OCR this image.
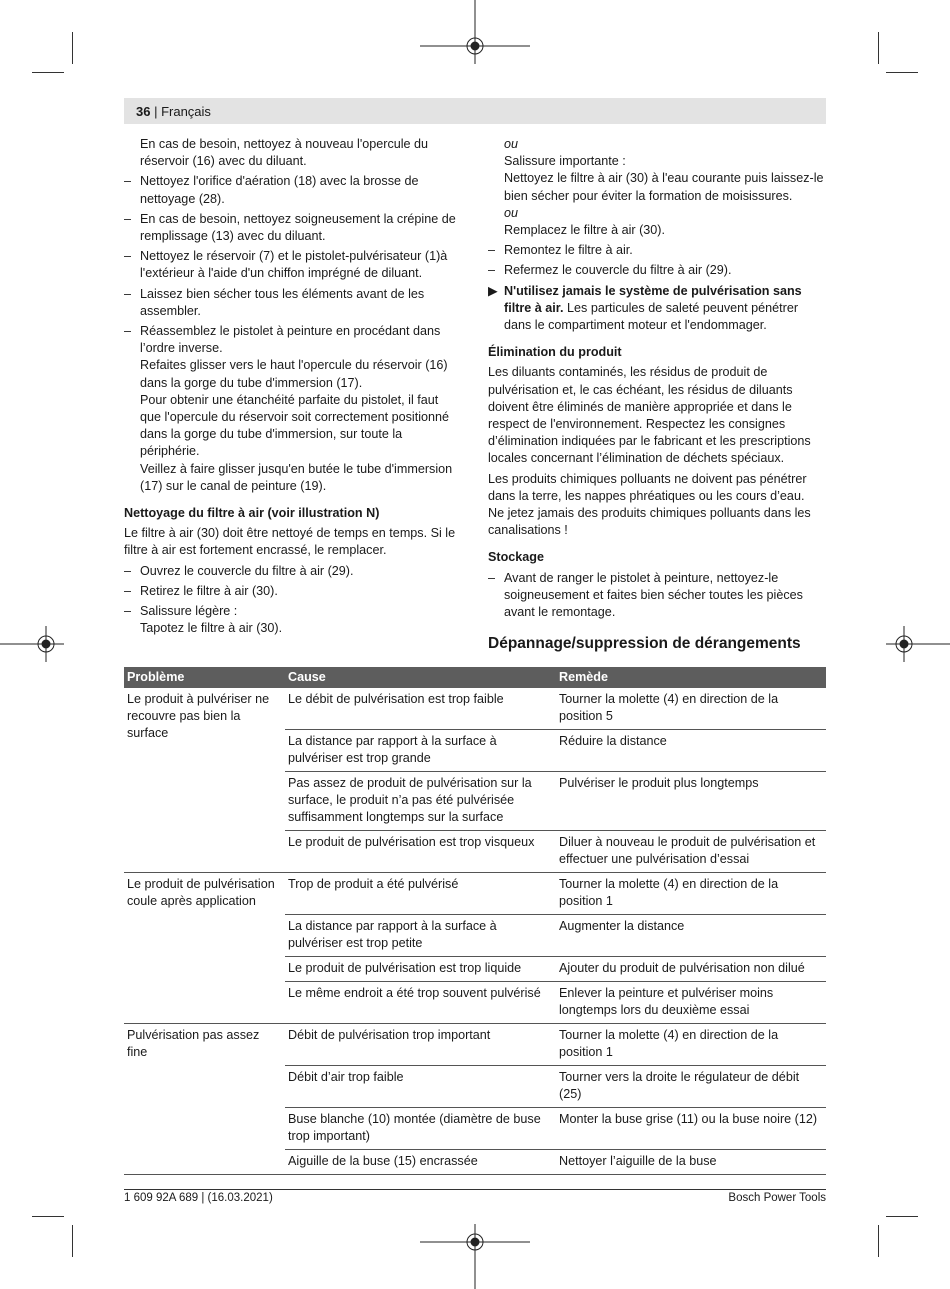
36 | Français

En cas de besoin, nettoyez à nouveau l'opercule du réservoir (16) avec du diluant.

– Nettoyez l'orifice d'aération (18) avec la brosse de nettoyage (28).
– En cas de besoin, nettoyez soigneusement la crépine de remplissage (13) avec du diluant.
– Nettoyez le réservoir (7) et le pistolet-pulvérisateur (1)à l'extérieur à l'aide d'un chiffon imprégné de diluant.
– Laissez bien sécher tous les éléments avant de les assembler.
– Réassemblez le pistolet à peinture en procédant dans l’ordre inverse.

Refaites glisser vers le haut l'opercule du réservoir (16) dans la gorge du tube d'immersion (17).

Pour obtenir une étanchéité parfaite du pistolet, il faut que l'opercule du réservoir soit correctement positionné dans la gorge du tube d'immersion, sur toute la périphérie.

Veillez à faire glisser jusqu'en butée le tube d'immersion (17) sur le canal de peinture (19).

Nettoyage du filtre à air (voir illustration N)

Le filtre à air (30) doit être nettoyé de temps en temps. Si le filtre à air est fortement encrassé, le remplacer.

– Ouvrez le couvercle du filtre à air (29).
– Retirez le filtre à air (30).
– Salissure légère :

Tapotez le filtre à air (30).

ou

Salissure importante :

Nettoyez le filtre à air (30) à l'eau courante puis laissez-le bien sécher pour éviter la formation de moisissures.

ou

Remplacez le filtre à air (30).

– Remontez le filtre à air.
– Refermez le couvercle du filtre à air (29).
▶ N'utilisez jamais le système de pulvérisation sans filtre à air. Les particules de saleté peuvent pénétrer dans le compartiment moteur et l'endommager.
Élimination du produit

Les diluants contaminés, les résidus de produit de pulvérisation et, le cas échéant, les résidus de diluants doivent être éliminés de manière appropriée et dans le respect de l'environnement. Respectez les consignes d’élimination indiquées par le fabricant et les prescriptions locales concernant l’élimination de déchets spéciaux.

Les produits chimiques polluants ne doivent pas pénétrer dans la terre, les nappes phréatiques ou les cours d’eau. Ne jetez jamais des produits chimiques polluants dans les canalisations !

Stockage
– Avant de ranger le pistolet à peinture, nettoyez-le soigneusement et faites bien sécher toutes les pièces avant le remontage.
Dépannage/suppression de dérangements
Problème	Cause	Remède
Le produit à pulvériser ne recouvre pas bien la surface	Le débit de pulvérisation est trop faible	Tourner la molette (4) en direction de la position 5
	La distance par rapport à la surface à pulvériser est trop grande	Réduire la distance
	Pas assez de produit de pulvérisation sur la surface, le produit n’a pas été pulvérisée suffisamment longtemps sur la surface	Pulvériser le produit plus longtemps
	Le produit de pulvérisation est trop visqueux	Diluer à nouveau le produit de pulvérisation et effectuer une pulvérisation d’essai
Le produit de pulvérisation coule après application	Trop de produit a été pulvérisé	Tourner la molette (4) en direction de la position 1
	La distance par rapport à la surface à pulvériser est trop petite	Augmenter la distance
	Le produit de pulvérisation est trop liquide	Ajouter du produit de pulvérisation non dilué
	Le même endroit a été trop souvent pulvérisé	Enlever la peinture et pulvériser moins longtemps lors du deuxième essai
Pulvérisation pas assez fine	Débit de pulvérisation trop important	Tourner la molette (4) en direction de la position 1
	Débit d’air trop faible	Tourner vers la droite le régulateur de débit (25)
	Buse blanche (10) montée (diamètre de buse trop important)	Monter la buse grise (11) ou la buse noire (12)
	Aiguille de la buse (15) encrassée	Nettoyer l’aiguille de la buse
1 609 92A 689 | (16.03.2021)	Bosch Power Tools
